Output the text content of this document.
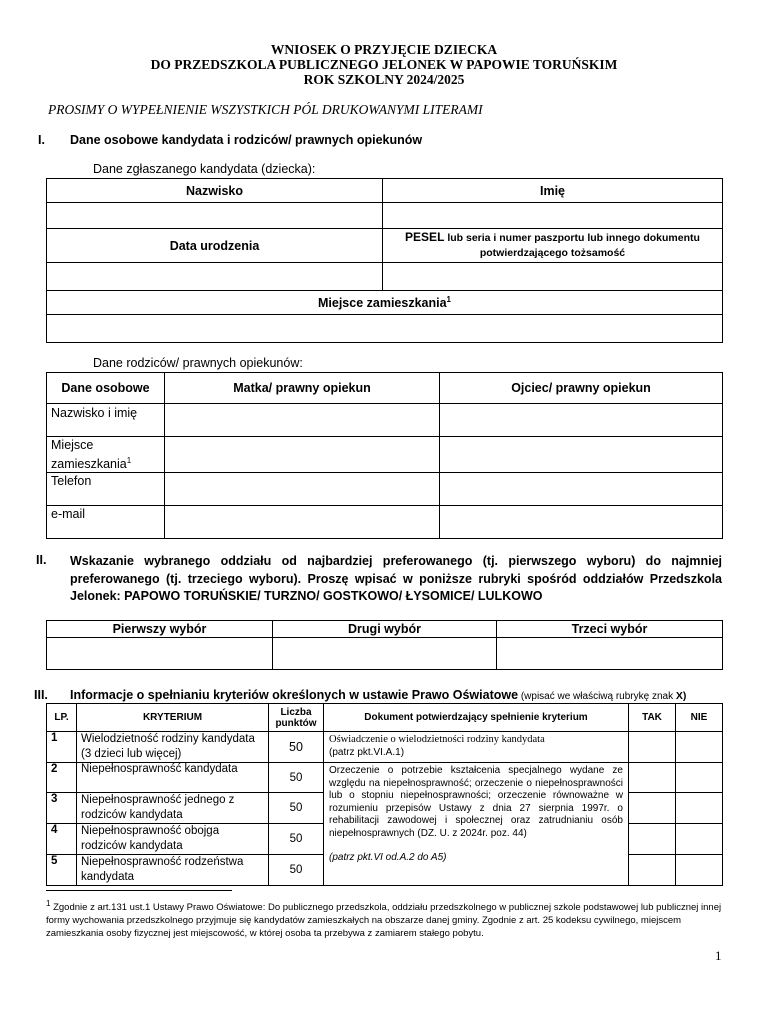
WNIOSEK O PRZYJĘCIE DZIECKA
DO PRZEDSZKOLA PUBLICZNEGO JELONEK W PAPOWIE TORUŃSKIM
ROK SZKOLNY 2024/2025
PROSIMY O WYPEŁNIENIE WSZYSTKICH PÓL DRUKOWANYMI LITERAMI
I. Dane osobowe kandydata i rodziców/ prawnych opiekunów
Dane zgłaszanego kandydata (dziecka):
Nazwisko	Imię

Data urodzenia	PESEL lub seria i numer paszportu lub innego dokumentu potwierdzającego tożsamość

Miejsce zamieszkania$^1$

Dane rodziców/ prawnych opiekunów:
Dane osobowe	Matka/ prawny opiekun	Ojciec/ prawny opiekun
Nazwisko i imię		
Miejsce zamieszkania$^1$		
Telefon		
e-mail		
II. Wskazanie wybranego oddziału od najbardziej preferowanego (tj. pierwszego wyboru) do najmniej preferowanego (tj. trzeciego wyboru). Proszę wpisać w poniższe rubryki spośród oddziałów Przedszkola Jelonek: PAPOWO TORUŃSKIE/ TURZNO/ GOSTKOWO/ ŁYSOMICE/ LULKOWO
Pierwszy wybór	Drugi wybór	Trzeci wybór

III. Informacje o spełnianiu kryteriów określonych w ustawie Prawo Oświatowe (wpisać we właściwą rubrykę znak X)
LP.	KRYTERIUM	Liczba punktów	Dokument potwierdzający spełnienie kryterium	TAK	NIE
1	Wielodzietność rodziny kandydata (3 dzieci lub więcej)	50	Oświadczenie o wielodzietności rodziny kandydata
(patrz pkt.VI.A.1)		

2	Niepełnosprawność kandydata	50	Orzeczenie o potrzebie kształcenia specjalnego wydane ze względu na niepełnosprawność; orzeczenie o niepełnosprawności lub o stopniu niepełnosprawności; orzeczenie równoważne w rozumieniu przepisów Ustawy z dnia 27 sierpnia 1997r. o rehabilitacji zawodowej i społecznej oraz zatrudnianiu osób niepełnosprawnych (DZ. U. z 2024r. poz. 44)
(patrz pkt.VI od.A.2 do A5)		

3	Niepełnosprawność jednego z rodziców kandydata	50			
4	Niepełnosprawność obojga rodziców kandydata	50			
5	Niepełnosprawność rodzeństwa kandydata	50			
$^1$ Zgodnie z art.131 ust.1 Ustawy Prawo Oświatowe: Do publicznego przedszkola, oddziału przedszkolnego w publicznej szkole podstawowej lub publicznej innej formy wychowania przedszkolnego przyjmuje się kandydatów zamieszkałych na obszarze danej gminy. Zgodnie z art. 25 kodeksu cywilnego, miejscem zamieszkania osoby fizycznej jest miejscowość, w której osoba ta przebywa z zamiarem stałego pobytu.
1
